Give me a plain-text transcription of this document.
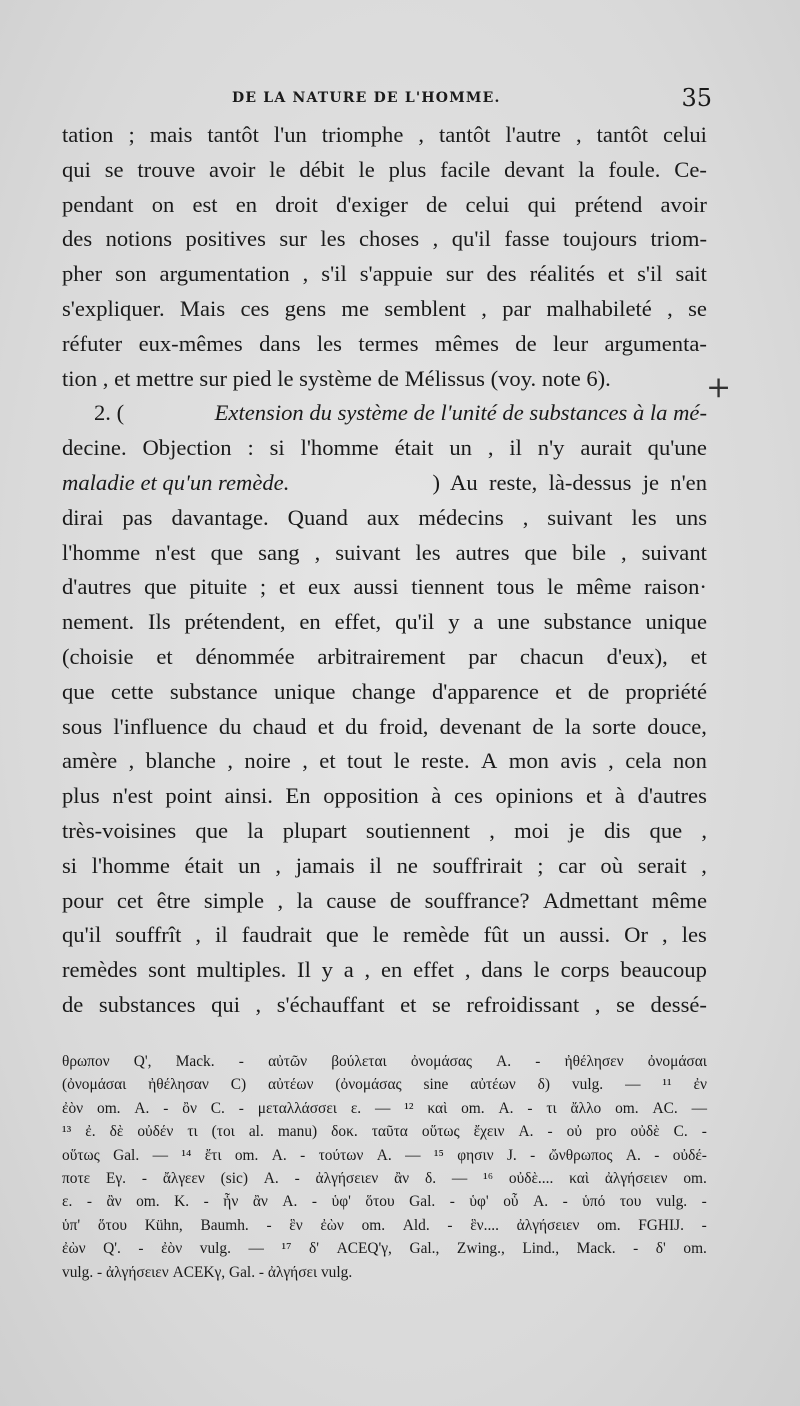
DE LA NATURE DE L'HOMME.	35
tation ; mais tantôt l'un triomphe , tantôt l'autre , tantôt celui
qui se trouve avoir le débit le plus facile devant la foule. Ce-
pendant on est en droit d'exiger de celui qui prétend avoir
des notions positives sur les choses , qu'il fasse toujours triom-
pher son argumentation , s'il s'appuie sur des réalités et s'il sait
s'expliquer. Mais ces gens me semblent , par malhabileté , se
réfuter eux-mêmes dans les termes mêmes de leur argumenta-
tion , et mettre sur pied le système de Mélissus (voy. note 6).
2. (	Extension du système de l'unité de substances à la mé-
decine. Objection : si l'homme était un , il n'y aurait qu'une
maladie et qu'un remède.	)  Au  reste,  là-dessus  je  n'en
dirai pas davantage. Quand aux médecins , suivant les uns
l'homme n'est que sang , suivant les autres que bile , suivant
d'autres que pituite ; et eux aussi tiennent tous le même raison·
nement. Ils prétendent, en effet, qu'il y a une substance unique
(choisie et dénommée arbitrairement par chacun d'eux), et
que cette substance unique change d'apparence et de propriété
sous l'influence du chaud et du froid, devenant de la sorte douce,
amère , blanche , noire , et tout le reste. A mon avis , cela non
plus n'est point ainsi. En opposition à ces opinions et à d'autres
très-voisines que la plupart soutiennent , moi je dis que ,
si l'homme était un , jamais il ne souffrirait ; car où serait ,
pour cet être simple , la cause de souffrance? Admettant même
qu'il souffrît , il faudrait que le remède fût un aussi. Or , les
remèdes sont multiples. Il y a , en effet , dans le corps beaucoup
de substances qui , s'échauffant et se refroidissant , se dessé-
+
θρωπον Q', Mack. - αὐτῶν βούλεται ὀνομάσας A. - ἠθέλησεν ὀνομάσαι
(ὀνομάσαι ἠθέλησαν C) αὐτέων (ὀνομάσας sine αὐτέων δ) vulg. — ¹¹ ἐν
ἐὸν om. A. - ὂν C. - μεταλλάσσει ε. — ¹² καὶ om. A. - τι ἄλλο om. AC. —
¹³ ἐ. δὲ οὐδέν τι (τοι al. manu) δοκ. ταῦτα οὕτως ἔχειν A. - οὐ pro οὐδὲ C. -
οὕτως Gal. — ¹⁴ ἔτι om. A. - τούτων A. — ¹⁵ φησιν J. - ὤνθρωπος A. - οὐδέ-
ποτε Eγ. - ἄλγεεν (sic) A. - ἀλγήσειεν ἂν δ. — ¹⁶ οὐδὲ.... καὶ ἀλγήσειεν om.
ε. - ἂν om. K. - ἦν ἂν A. - ὑφ' ὅτου Gal. - ὑφ' οὗ A. - ὑπό του vulg. -
ὑπ' ὅτου Kühn, Baumh. - ἓν ἐὼν om. Ald. - ἓν.... ἀλγήσειεν om. FGHIJ. -
ἐὼν Q'. - ἐὸν vulg. — ¹⁷ δ' ACEQ'γ, Gal., Zwing., Lind., Mack. - δ' om.
vulg. - ἀλγήσειεν ACEKγ, Gal. - ἀλγήσει vulg.
